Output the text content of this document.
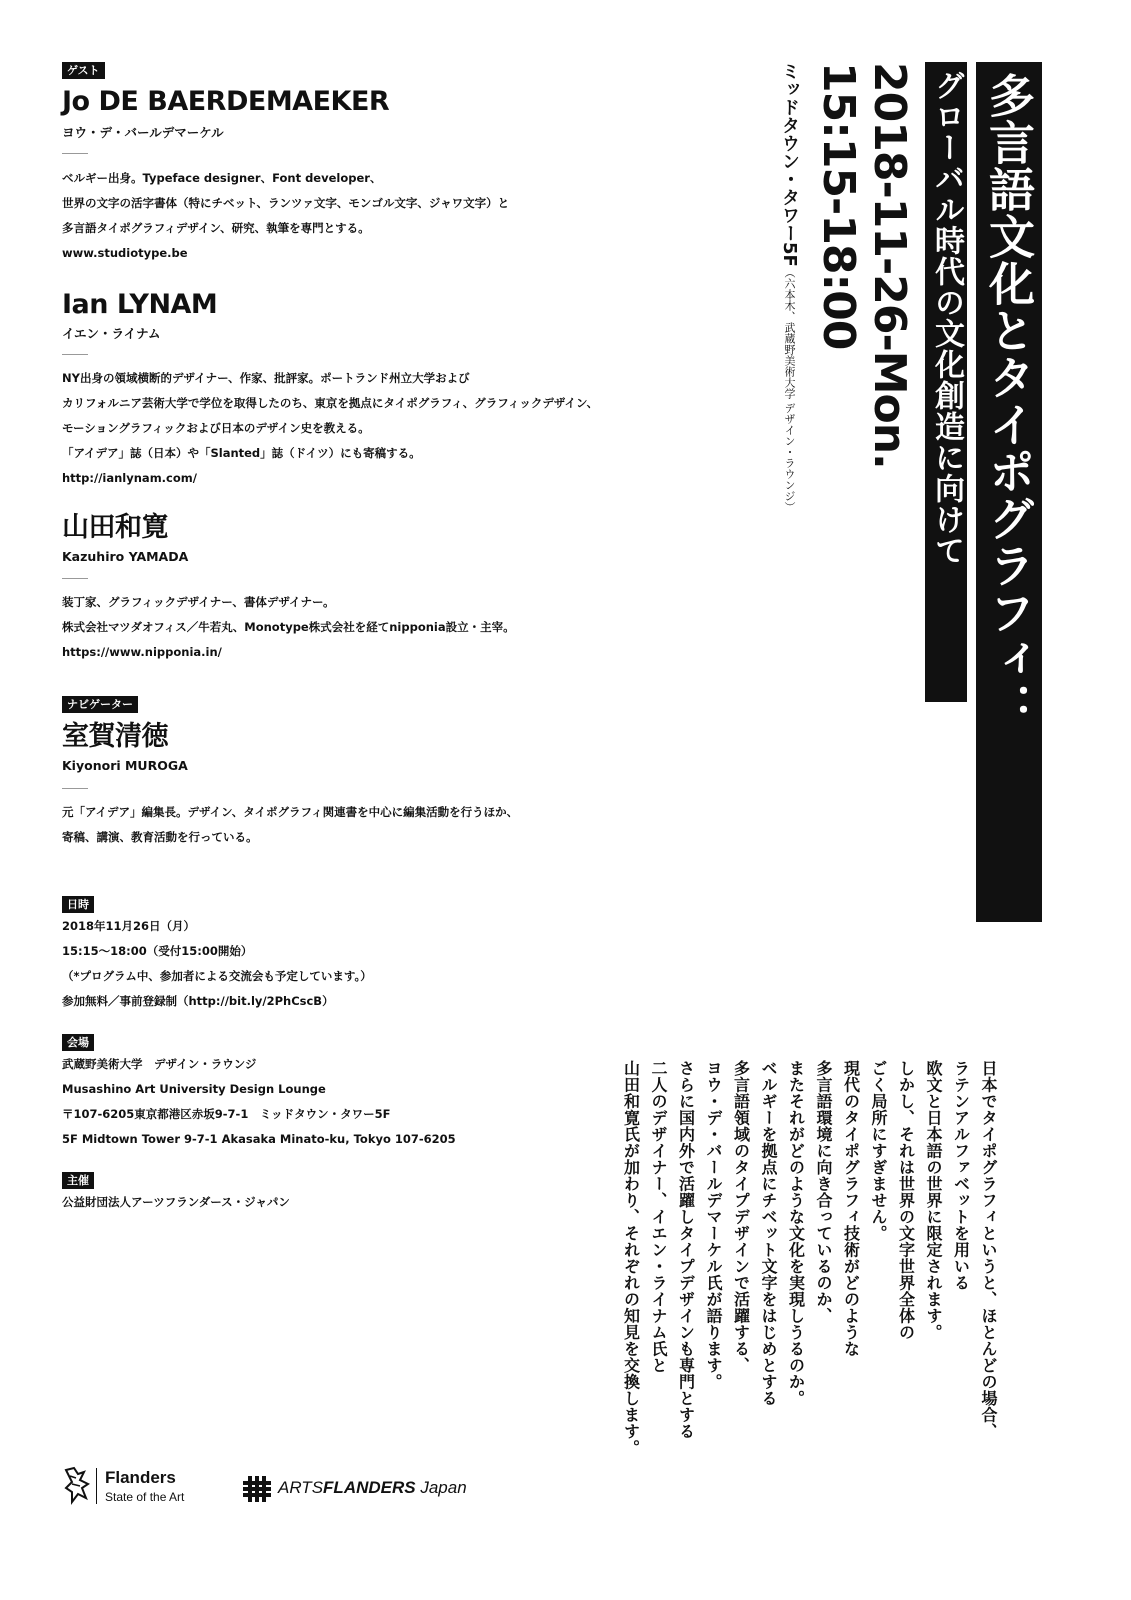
ゲスト
Jo DE BAERDEMAEKER
ヨウ・デ・バールデマーケル
ベルギー出身。Typeface designer、Font developer、
世界の文字の活字書体（特にチベット、ランツァ文字、モンゴル文字、ジャワ文字）と
多言語タイポグラフィデザイン、研究、執筆を専門とする。
www.studiotype.be
Ian LYNAM
イエン・ライナム
NY出身の領域横断的デザイナー、作家、批評家。ポートランド州立大学および
カリフォルニア芸術大学で学位を取得したのち、東京を拠点にタイポグラフィ、グラフィックデザイン、
モーショングラフィックおよび日本のデザイン史を教える。
「アイデア」誌（日本）や「Slanted」誌（ドイツ）にも寄稿する。
http://ianlynam.com/
山田和寛
Kazuhiro YAMADA
装丁家、グラフィックデザイナー、書体デザイナー。
株式会社マツダオフィス／牛若丸、Monotype株式会社を経てnipponia設立・主宰。
https://www.nipponia.in/
ナビゲーター
室賀清徳
Kiyonori MUROGA
元「アイデア」編集長。デザイン、タイポグラフィ関連書を中心に編集活動を行うほか、
寄稿、講演、教育活動を行っている。
日時
2018年11月26日（月）
15:15〜18:00（受付15:00開始）
（*プログラム中、参加者による交流会も予定しています。）
参加無料／事前登録制（http://bit.ly/2PhCscB）
会場
武蔵野美術大学　デザイン・ラウンジ
Musashino Art University Design Lounge
〒107-6205東京都港区赤坂9-7-1　ミッドタウン・タワー5F
5F Midtown Tower 9-7-1 Akasaka Minato-ku, Tokyo 107-6205
主催
公益財団法人アーツフランダース・ジャパン
多言語文化とタイポグラフィ：
グローバル時代の文化創造に向けて
2018-11-26-Mon.
15:15-18:00
ミッドタウン・タワー5F（六本木、武蔵野美術大学 デザイン・ラウンジ）
日本でタイポグラフィというと、ほとんどの場合、
ラテンアルファベットを用いる
欧文と日本語の世界に限定されます。
しかし、それは世界の文字世界全体の
ごく局所にすぎません。
現代のタイポグラフィ技術がどのような
多言語環境に向き合っているのか、
またそれがどのような文化を実現しうるのか。
ベルギーを拠点にチベット文字をはじめとする
多言語領域のタイプデザインで活躍する、
ヨウ・デ・バールデマーケル氏が語ります。
さらに国内外で活躍しタイプデザインも専門とする
二人のデザイナー、イエン・ライナム氏と
山田和寛氏が加わり、それぞれの知見を交換します。
Flanders
State of the Art	ARTSFLANDERS Japan
